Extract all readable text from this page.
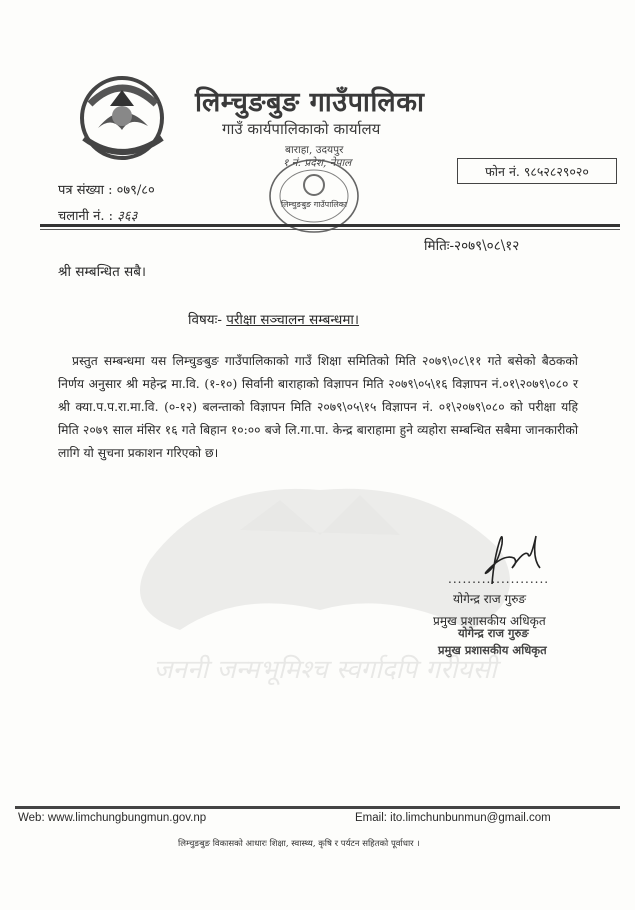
जननी जन्मभूमिश्च स्वर्गादपि गरीयसी
लिम्चुङबुङ गाउँपालिका
गाउँ कार्यपालिकाको कार्यालय
बाराहा, उदयपुर
१ नं. प्रदेश, नेपाल
लिम्चुङबुङ गाउँपालिका
फोन नं. ९८५२८२९०२०
पत्र संख्या : ०७९/८०
चलानी नं. : ३६३
मितिः-२०७९\०८\१२
श्री सम्बन्धित सबै।
विषयः- परीक्षा सञ्चालन सम्बन्धमा।
प्रस्तुत सम्बन्धमा यस लिम्चुङबुङ गाउँपालिकाको गाउँ शिक्षा समितिको मिति २०७९\०८\११ गते बसेको बैठकको निर्णय अनुसार श्री महेन्द्र मा.वि. (१-१०) सिर्वानी बाराहाको विज्ञापन मिति २०७९\०५\१६ विज्ञापन नं.०१\२०७९\०८० र श्री क्या.प.प.रा.मा.वि. (०-१२) बलन्ताको विज्ञापन मिति २०७९\०५\१५ विज्ञापन नं. ०१\२०७९\०८० को परीक्षा यहि मिति २०७९ साल मंसिर १६ गते बिहान १०:०० बजे लि.गा.पा. केन्द्र बाराहामा हुने व्यहोरा सम्बन्धित सबैमा जानकारीको लागि यो सुचना प्रकाशन गरिएको छ।
.....................
योगेन्द्र राज गुरुङ
प्रमुख प्रशासकीय अधिकृत
योगेन्द्र राज गुरुङ
प्रमुख प्रशासकीय अधिकृत
Web: www.limchungbungmun.gov.np	Email: ito.limchunbunmun@gmail.com
लिम्चुङबुङ विकासको आधारः शिक्षा, स्वास्थ्य, कृषि र पर्यटन सहितको पूर्वाधार ।
